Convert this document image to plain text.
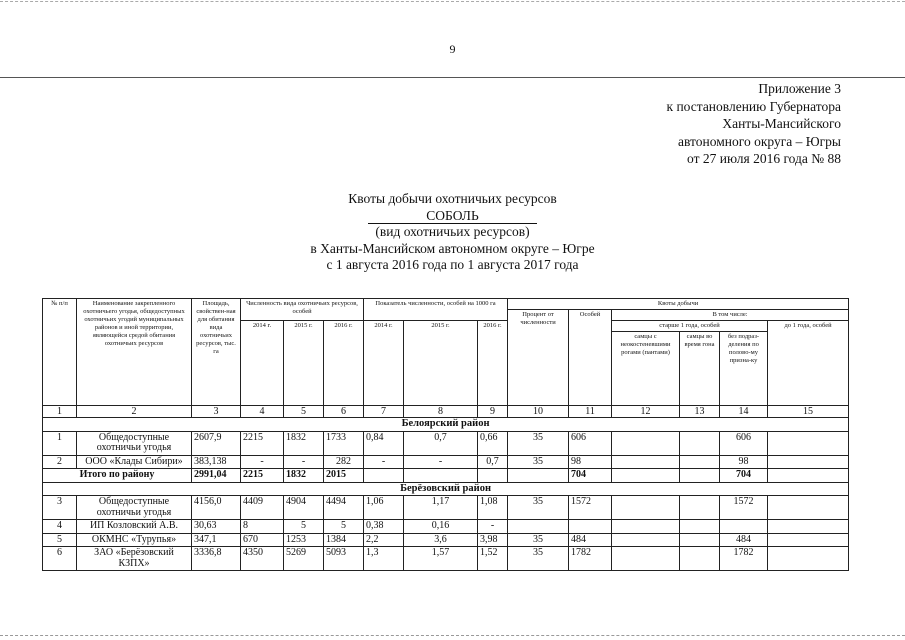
9
Приложение 3
к постановлению Губернатора
Ханты-Мансийского
автономного округа – Югры
от 27 июля 2016 года № 88
Квоты добычи охотничьих ресурсов
СОБОЛЬ
(вид охотничьих ресурсов)
в Ханты-Мансийском автономном округе – Югре
с 1 августа 2016 года по 1 августа 2017 года
№ п/п	Наименование закрепленного охотничьего угодья, общедоступных охотничьих угодий муниципальных районов и иной территории, являющейся средой обитания охотничьих ресурсов	Площадь, свойствен-ная для обитания вида охотничьих ресурсов, тыс. га	Численность вида охотничьих ресурсов, особей			Показатель численности, особей на 1000 га			Квоты добычи					
									Процент от численности	Особей	В том числе:			
			2014 г.	2015 г.	2016 г.	2014 г.	2015 г.	2016 г.			старше 1 года, особей			до 1 года, особей
											самцы с неокостеневшими рогами (пантами)	самцы во время гона	без подраз-деления по полово-му призна-ку	
1	2	3	4	5	6	7	8	9	10	11	12	13	14	15
Белоярский район														
1	Общедоступные охотничьи угодья	2607,9	2215	1832	1733	0,84	0,7	0,66	35	606			606	
2	ООО «Клады Сибири»	383,138	-	-	282	-	-	0,7	35	98			98	
Итого по району		2991,04	2215	1832	2015					704			704	
Берёзовский район														
3	Общедоступные охотничьи угодья	4156,0	4409	4904	4494	1,06	1,17	1,08	35	1572			1572	
4	ИП Козловский А.В.	30,63	8	5	5	0,38	0,16	-						
5	ОКМНС «Турупья»	347,1	670	1253	1384	2,2	3,6	3,98	35	484			484	
6	ЗАО «Берёзовский КЗПХ»	3336,8	4350	5269	5093	1,3	1,57	1,52	35	1782			1782	
